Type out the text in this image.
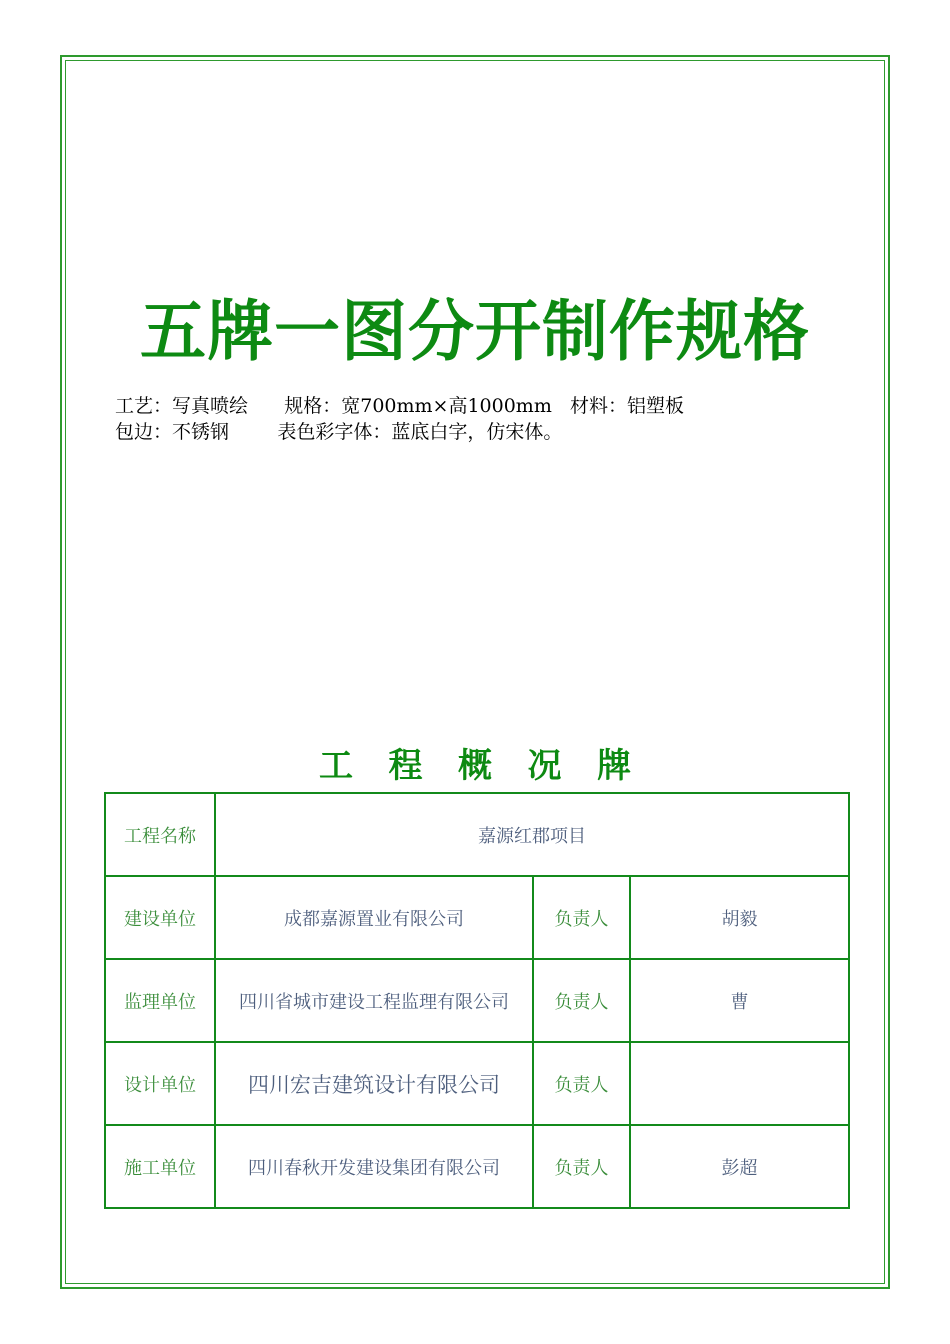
五牌一图分开制作规格

工艺：写真喷绘      规格：宽700mm×高1000mm   材料：铝塑板

包边：不锈钢        表色彩字体：蓝底白字，仿宋体。

工 程 概 况 牌
工程名称	嘉源红郡项目		
建设单位	成都嘉源置业有限公司	负责人	胡毅
监理单位	四川省城市建设工程监理有限公司	负责人	曹
设计单位	四川宏吉建筑设计有限公司	负责人	
施工单位	四川春秋开发建设集团有限公司	负责人	彭超
